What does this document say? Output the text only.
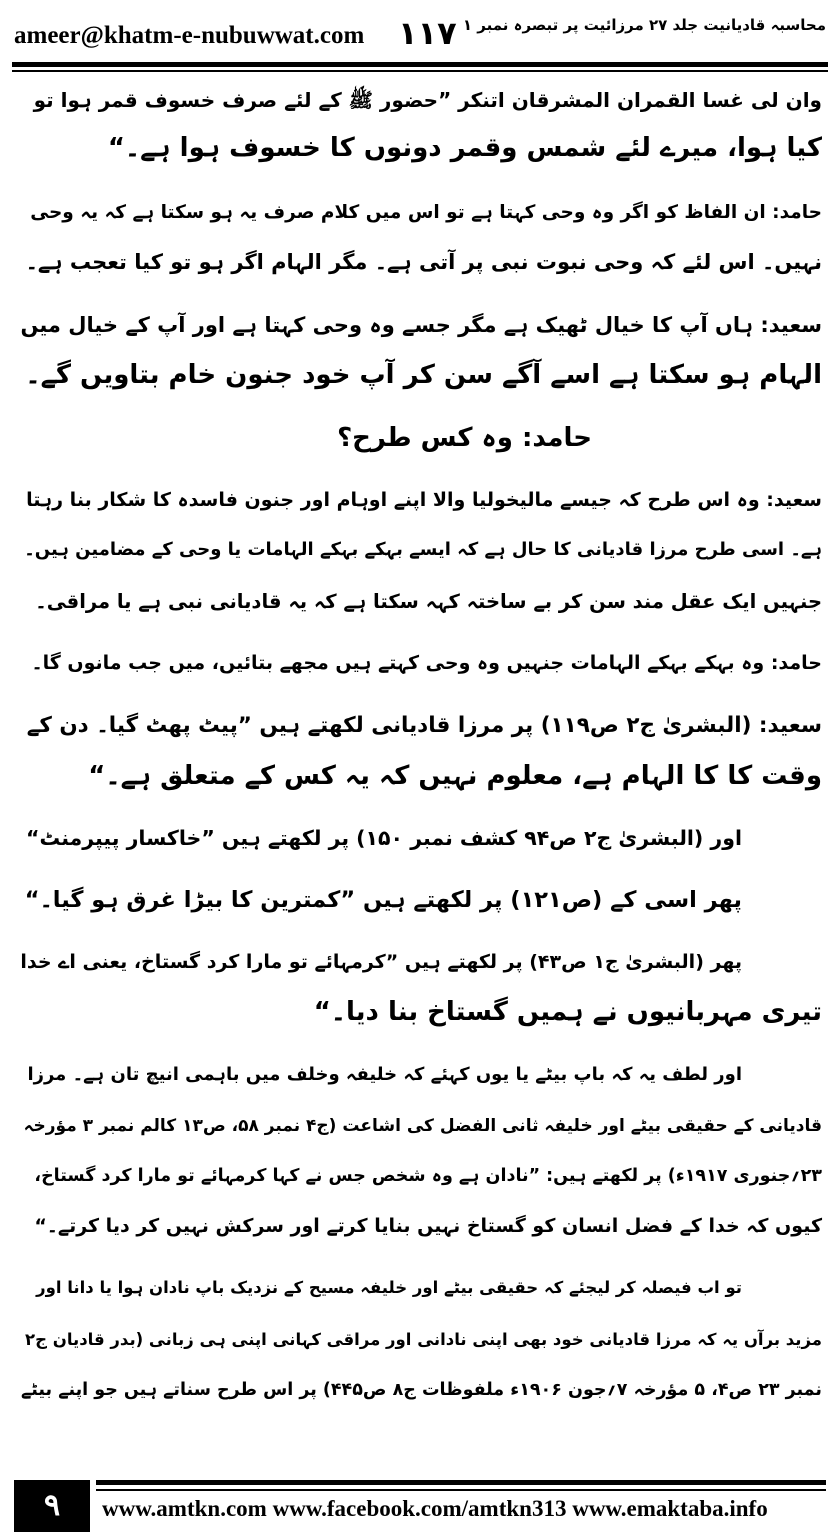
ameer@khatm-e-nubuwwat.com ۱۱۷ محاسبہ قادیانیت جلد ۲۷ مرزائیت پر تبصرہ نمبر ۱
وان لی غسا القمران المشرقان اتنکر ”حضور ﷺ کے لئے صرف خسوف قمر ہوا تو
کیا ہوا، میرے لئے شمس وقمر دونوں کا خسوف ہوا ہے۔“
حامد: ان الفاظ کو اگر وہ وحی کہتا ہے تو اس میں کلام صرف یہ ہو سکتا ہے کہ یہ وحی
نہیں۔ اس لئے کہ وحی نبوت نبی پر آتی ہے۔ مگر الہام اگر ہو تو کیا تعجب ہے۔
سعید: ہاں آپ کا خیال ٹھیک ہے مگر جسے وہ وحی کہتا ہے اور آپ کے خیال میں
الہام ہو سکتا ہے اسے آگے سن کر آپ خود جنون خام بتاویں گے۔
حامد: وہ کس طرح؟
سعید: وہ اس طرح کہ جیسے مالیخولیا والا اپنے اوہام اور جنون فاسدہ کا شکار بنا رہتا
ہے۔ اسی طرح مرزا قادیانی کا حال ہے کہ ایسے بہکے بہکے الہامات یا وحی کے مضامین ہیں۔
جنہیں ایک عقل مند سن کر بے ساختہ کہہ سکتا ہے کہ یہ قادیانی نبی ہے یا مراقی۔
حامد: وہ بہکے بہکے الہامات جنہیں وہ وحی کہتے ہیں مجھے بتائیں، میں جب مانوں گا۔
سعید: (البشریٰ ج۲ ص۱۱۹) پر مرزا قادیانی لکھتے ہیں ”پیٹ پھٹ گیا۔ دن کے
وقت کا کا الہام ہے، معلوم نہیں کہ یہ کس کے متعلق ہے۔“
اور (البشریٰ ج۲ ص۹۴ کشف نمبر ۱۵۰) پر لکھتے ہیں ”خاکسار پیپرمنٹ“
پھر اسی کے (ص۱۲۱) پر لکھتے ہیں ”کمترین کا بیڑا غرق ہو گیا۔“
پھر (البشریٰ ج۱ ص۴۳) پر لکھتے ہیں ”کرمہائے تو مارا کرد گستاخ، یعنی اے خدا
تیری مہربانیوں نے ہمیں گستاخ بنا دیا۔“
اور لطف یہ کہ باپ بیٹے یا یوں کہئے کہ خلیفہ وخلف میں باہمی انیچ تان ہے۔ مرزا
قادیانی کے حقیقی بیٹے اور خلیفہ ثانی الفضل کی اشاعت (ج۴ نمبر ۵۸، ص۱۳ کالم نمبر ۳ مؤرخہ
۲۳؍جنوری ۱۹۱۷ء) پر لکھتے ہیں: ”نادان ہے وہ شخص جس نے کہا کرمہائے تو مارا کرد گستاخ،
کیوں کہ خدا کے فضل انسان کو گستاخ نہیں بنایا کرتے اور سرکش نہیں کر دیا کرتے۔“
تو اب فیصلہ کر لیجئے کہ حقیقی بیٹے اور خلیفہ مسیح کے نزدیک باپ نادان ہوا یا دانا اور
مزید برآں یہ کہ مرزا قادیانی خود بھی اپنی نادانی اور مراقی کہانی اپنی ہی زبانی (بدر قادیان ج۲
نمبر ۲۳ ص۴، ۵ مؤرخہ ۷؍جون ۱۹۰۶ء ملفوظات ج۸ ص۴۴۵) پر اس طرح سناتے ہیں جو اپنے بیٹے
۹	www.amtkn.com www.facebook.com/amtkn313 www.emaktaba.info
